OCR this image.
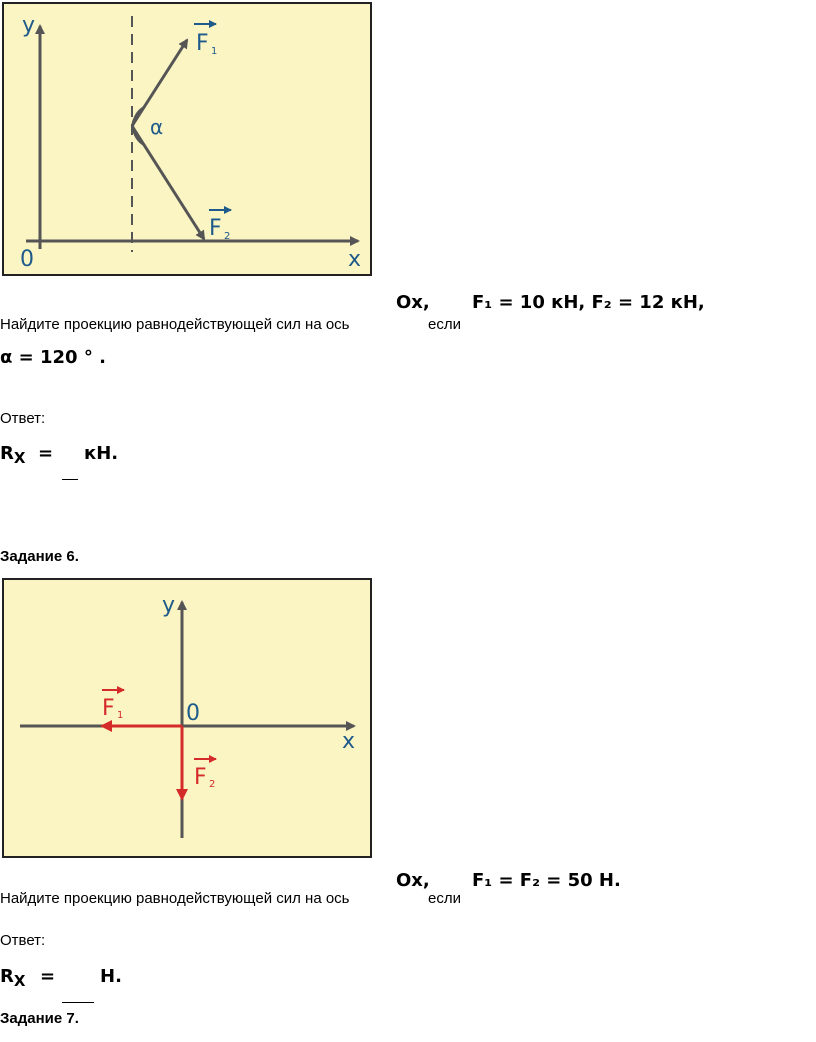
y
x
0
α
F 1
F 2
Найдите проекцию равнодействующей сил на ось
Ox,
если
F₁ = 10 кН, F₂ = 12 кН,
α = 120 ° .
Ответ:
$R_X$ = кН.
Задание 6.
y
x
0
F 1
F 2
Найдите проекцию равнодействующей сил на ось
Ox,
если
F₁ = F₂ = 50 Н.
Ответ:
$R_X = Н$.
Задание 7.
